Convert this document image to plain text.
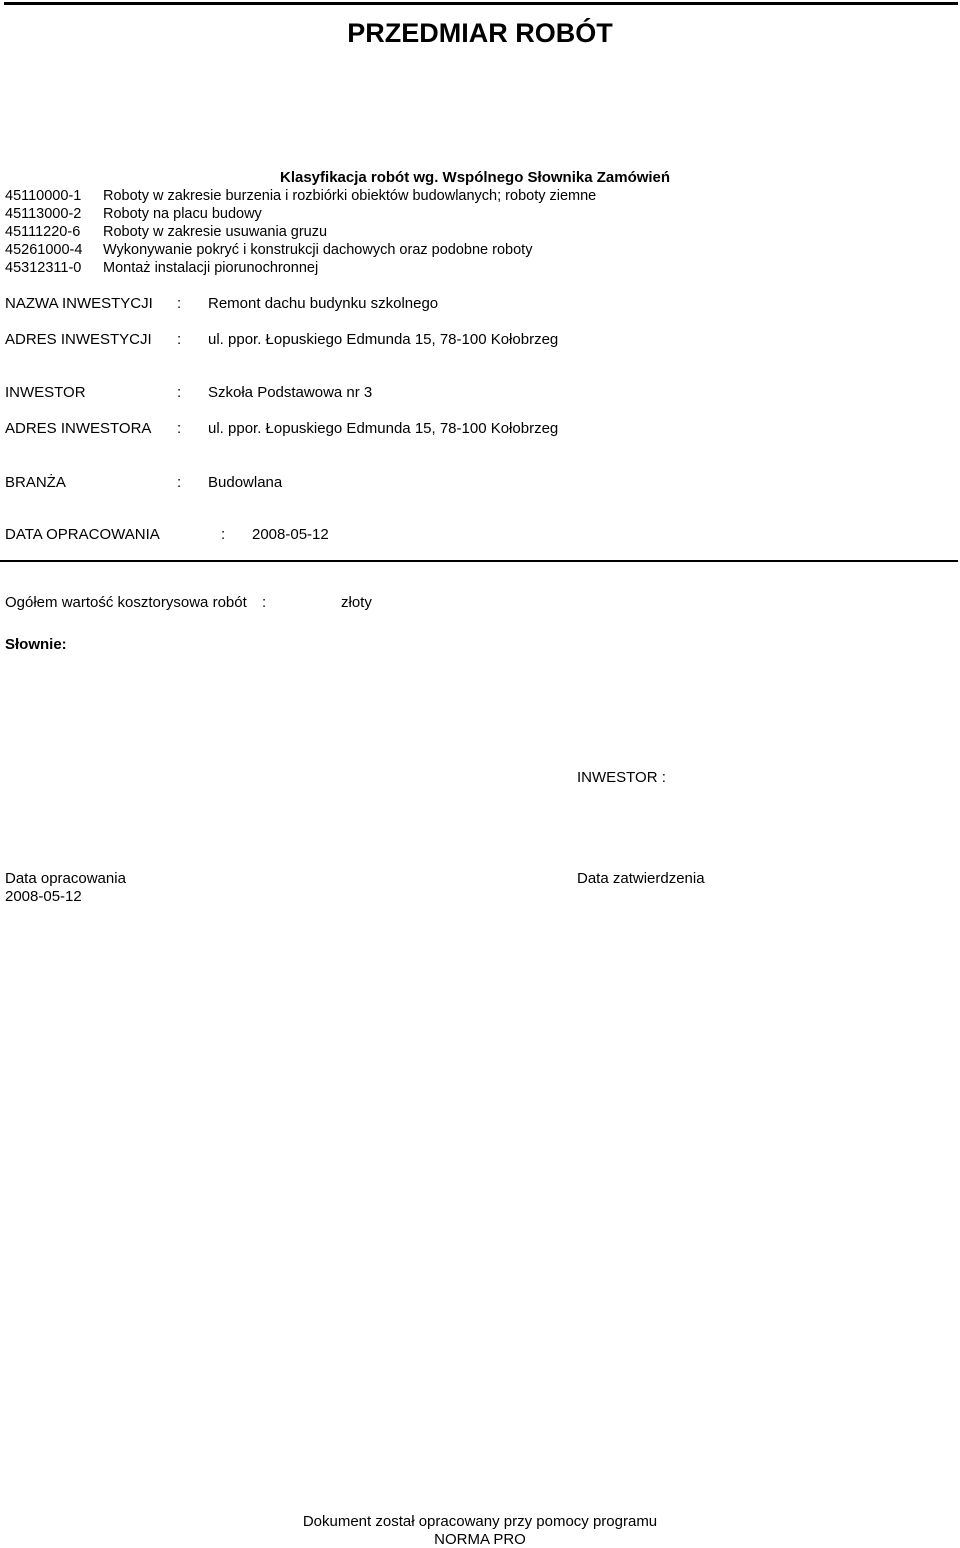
PRZEDMIAR ROBÓT
Klasyfikacja robót wg. Wspólnego Słownika Zamówień
45110000-1 Roboty w zakresie burzenia i rozbiórki obiektów budowlanych; roboty ziemne
45113000-2 Roboty na placu budowy
45111220-6 Roboty w zakresie usuwania gruzu
45261000-4 Wykonywanie pokryć i konstrukcji dachowych oraz podobne roboty
45312311-0 Montaż instalacji piorunochronnej
NAZWA INWESTYCJI : Remont dachu budynku szkolnego
ADRES INWESTYCJI : ul. ppor. Łopuskiego Edmunda 15, 78-100 Kołobrzeg
INWESTOR	: Szkoła Podstawowa nr 3
ADRES INWESTORA : ul. ppor. Łopuskiego Edmunda 15, 78-100 Kołobrzeg
BRANŻA	: Budowlana
DATA OPRACOWANIA	: 2008-05-12
Ogółem wartość kosztorysowa robót :	złoty
Słownie:
INWESTOR :
Data opracowania
2008-05-12
Data zatwierdzenia
Dokument został opracowany przy pomocy programu
NORMA PRO
